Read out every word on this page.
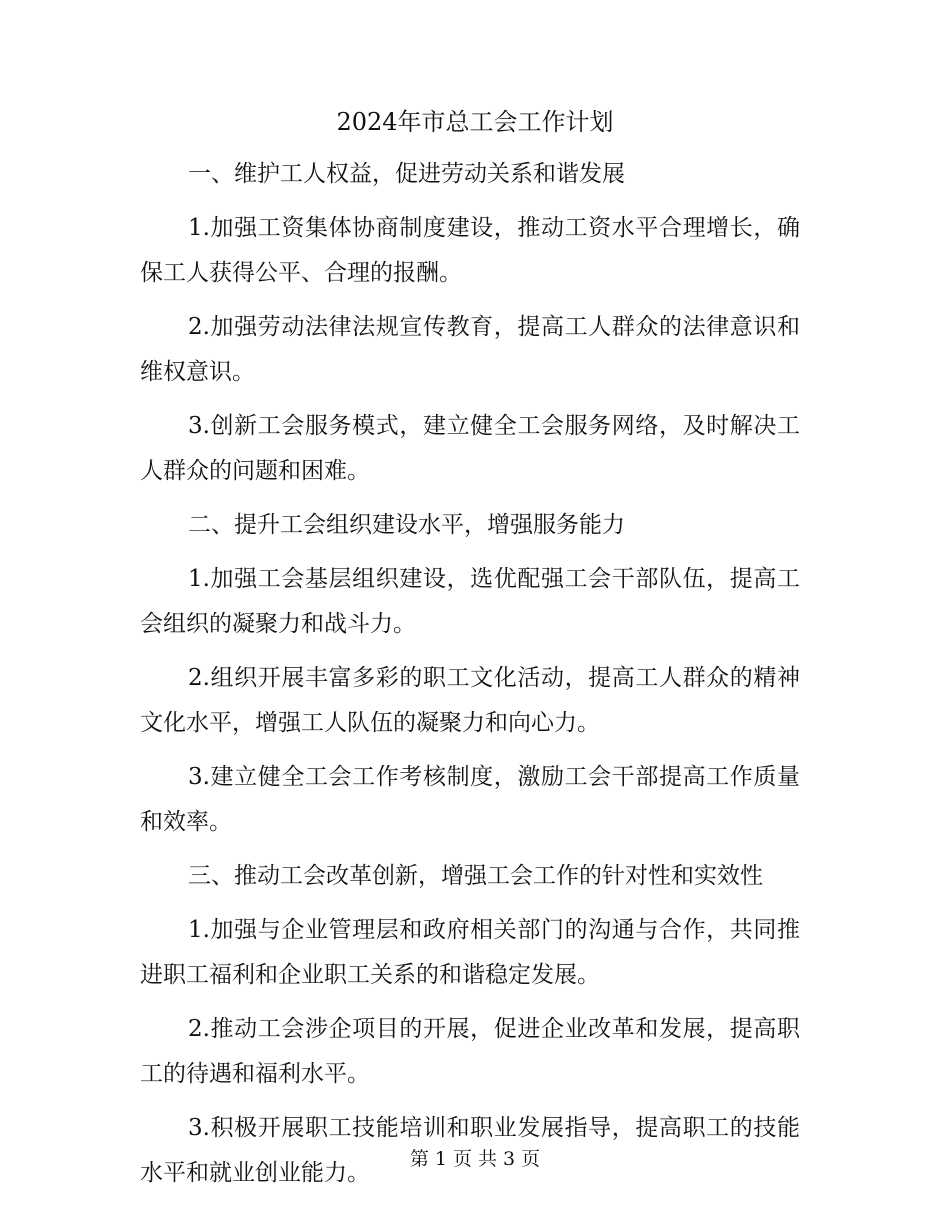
2024年市总工会工作计划

一、维护工人权益，促进劳动关系和谐发展

1.加强工资集体协商制度建设，推动工资水平合理增长，确保工人获得公平、合理的报酬。

2.加强劳动法律法规宣传教育，提高工人群众的法律意识和维权意识。

3.创新工会服务模式，建立健全工会服务网络，及时解决工人群众的问题和困难。

二、提升工会组织建设水平，增强服务能力

1.加强工会基层组织建设，选优配强工会干部队伍，提高工会组织的凝聚力和战斗力。

2.组织开展丰富多彩的职工文化活动，提高工人群众的精神文化水平，增强工人队伍的凝聚力和向心力。

3.建立健全工会工作考核制度，激励工会干部提高工作质量和效率。

三、推动工会改革创新，增强工会工作的针对性和实效性

1.加强与企业管理层和政府相关部门的沟通与合作，共同推进职工福利和企业职工关系的和谐稳定发展。

2.推动工会涉企项目的开展，促进企业改革和发展，提高职工的待遇和福利水平。

3.积极开展职工技能培训和职业发展指导，提高职工的技能水平和就业创业能力。

第 1 页 共 3 页
